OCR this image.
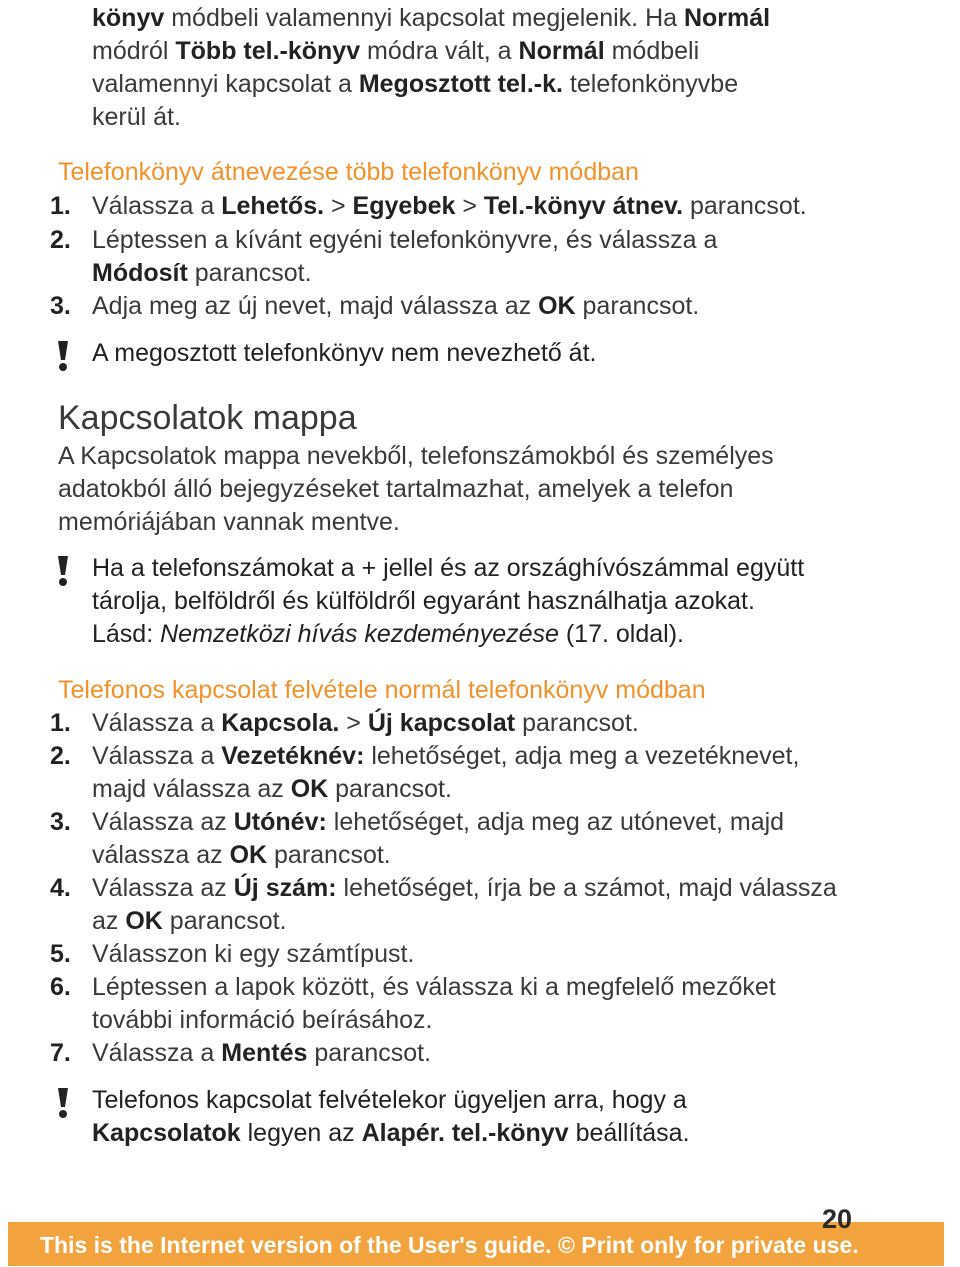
könyv módbeli valamennyi kapcsolat megjelenik. Ha Normál
módról Több tel.-könyv módra vált, a Normál módbeli
valamennyi kapcsolat a Megosztott tel.-k. telefonkönyvbe
kerül át.
Telefonkönyv átnevezése több telefonkönyv módban
1. Válassza a Lehetős. > Egyebek > Tel.-könyv átnev. parancsot.
2. Léptessen a kívánt egyéni telefonkönyvre, és válassza a
Módosít parancsot.
3. Adja meg az új nevet, majd válassza az OK parancsot.
A megosztott telefonkönyv nem nevezhető át.
Kapcsolatok mappa
A Kapcsolatok mappa nevekből, telefonszámokból és személyes
adatokból álló bejegyzéseket tartalmazhat, amelyek a telefon
memóriájában vannak mentve.
Ha a telefonszámokat a + jellel és az országhívószámmal együtt
tárolja, belföldről és külföldről egyaránt használhatja azokat.
Lásd: Nemzetközi hívás kezdeményezése (17. oldal).
Telefonos kapcsolat felvétele normál telefonkönyv módban
1. Válassza a Kapcsola. > Új kapcsolat parancsot.
2. Válassza a Vezetéknév: lehetőséget, adja meg a vezetéknevet,
majd válassza az OK parancsot.
3. Válassza az Utónév: lehetőséget, adja meg az utónevet, majd
válassza az OK parancsot.
4. Válassza az Új szám: lehetőséget, írja be a számot, majd válassza
az OK parancsot.
5. Válasszon ki egy számtípust.
6. Léptessen a lapok között, és válassza ki a megfelelő mezőket
további információ beírásához.
7. Válassza a Mentés parancsot.
Telefonos kapcsolat felvételekor ügyeljen arra, hogy a
Kapcsolatok legyen az Alapér. tel.-könyv beállítása.
20
This is the Internet version of the User's guide. © Print only for private use.
